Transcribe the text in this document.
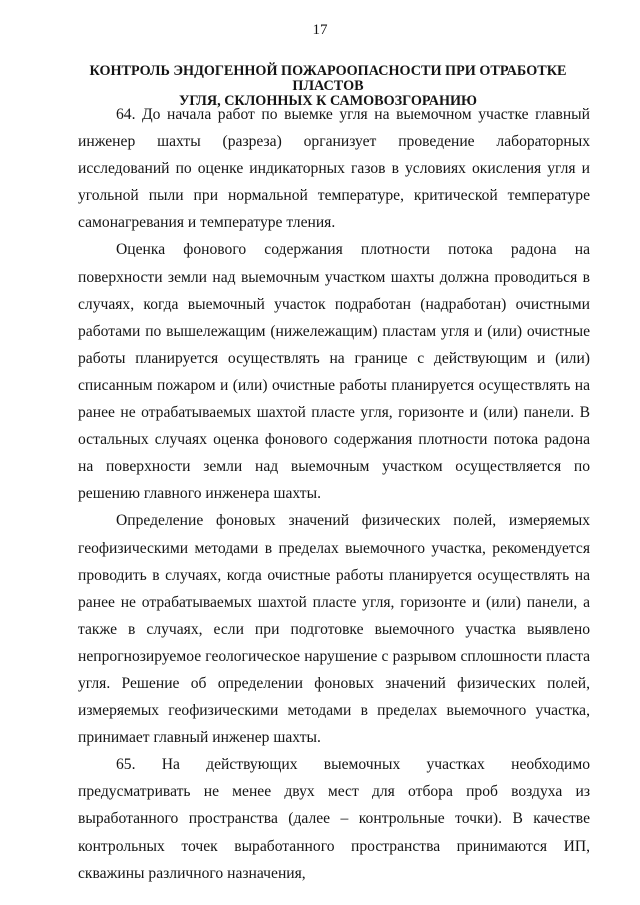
17
КОНТРОЛЬ ЭНДОГЕННОЙ ПОЖАРООПАСНОСТИ ПРИ ОТРАБОТКЕ ПЛАСТОВ
УГЛЯ, СКЛОННЫХ К САМОВОЗГОРАНИЮ

64. До начала работ по выемке угля на выемочном участке главный инженер шахты (разреза) организует проведение лабораторных исследований по оценке индикаторных газов в условиях окисления угля и угольной пыли при нормальной температуре, критической температуре самонагревания и температуре тления.

Оценка фонового содержания плотности потока радона на поверхности земли над выемочным участком шахты должна проводиться в случаях, когда выемочный участок подработан (надработан) очистными работами по вышележащим (нижележащим) пластам угля и (или) очистные работы планируется осуществлять на границе с действующим и (или) списанным пожаром и (или) очистные работы планируется осуществлять на ранее не отрабатываемых шахтой пласте угля, горизонте и (или) панели. В остальных случаях оценка фонового содержания плотности потока радона на поверхности земли над выемочным участком осуществляется по решению главного инженера шахты.

Определение фоновых значений физических полей, измеряемых геофизическими методами в пределах выемочного участка, рекомендуется проводить в случаях, когда очистные работы планируется осуществлять на ранее не отрабатываемых шахтой пласте угля, горизонте и (или) панели, а также в случаях, если при подготовке выемочного участка выявлено непрогнозируемое геологическое нарушение с разрывом сплошности пласта угля. Решение об определении фоновых значений физических полей, измеряемых геофизическими методами в пределах выемочного участка, принимает главный инженер шахты.

65. На действующих выемочных участках необходимо предусматривать не менее двух мест для отбора проб воздуха из выработанного пространства (далее – контрольные точки). В качестве контрольных точек выработанного пространства принимаются ИП, скважины различного назначения,
